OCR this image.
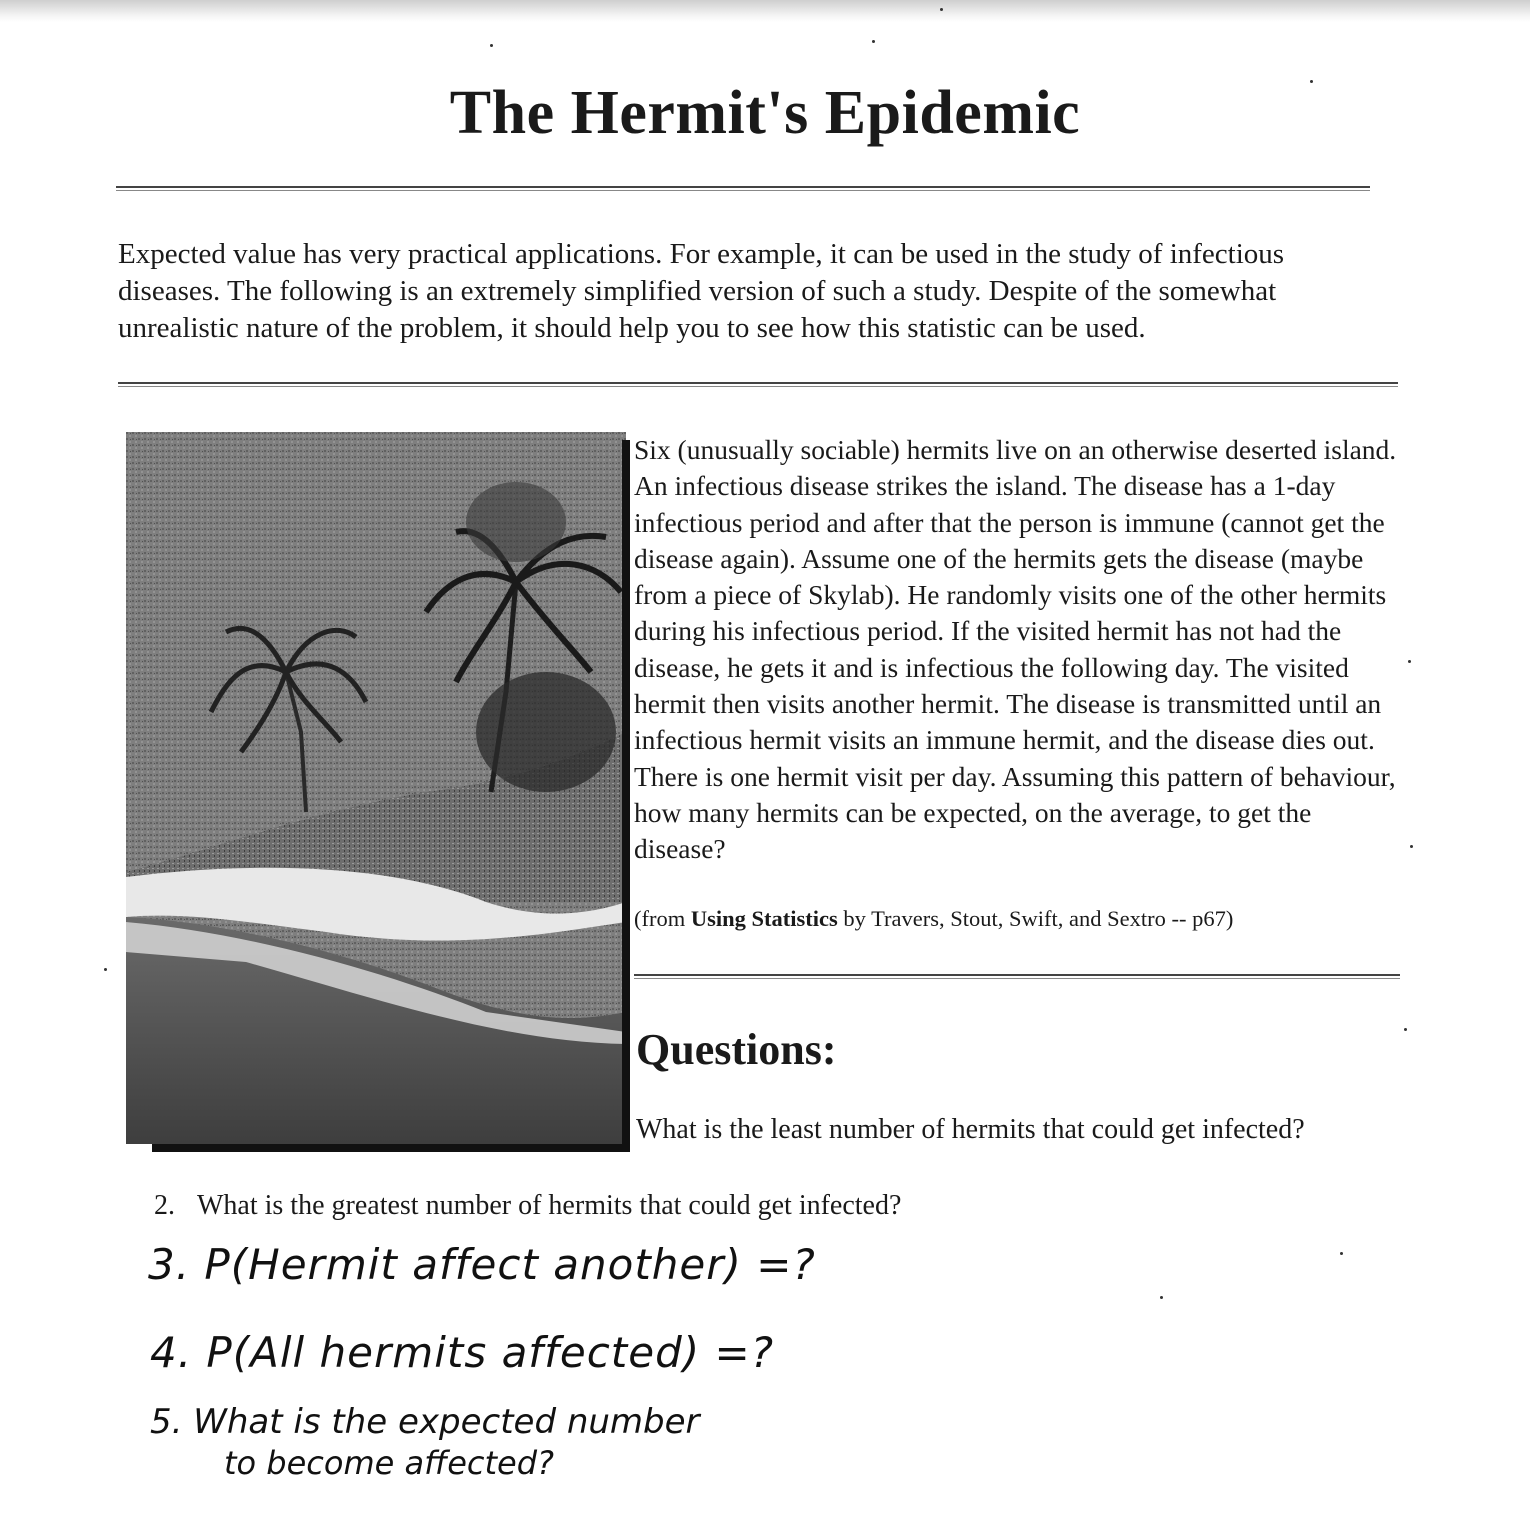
The Hermit's Epidemic

Expected value has very practical applications. For example, it can be used in the study of infectious diseases. The following is an extremely simplified version of such a study. Despite of the somewhat unrealistic nature of the problem, it should help you to see how this statistic can be used.

Six (unusually sociable) hermits live on an otherwise deserted island. An infectious disease strikes the island. The disease has a 1-day infectious period and after that the person is immune (cannot get the disease again). Assume one of the hermits gets the disease (maybe from a piece of Skylab). He randomly visits one of the other hermits during his infectious period. If the visited hermit has not had the disease, he gets it and is infectious the following day. The visited hermit then visits another hermit. The disease is transmitted until an infectious hermit visits an immune hermit, and the disease dies out. There is one hermit visit per day. Assuming this pattern of behaviour, how many hermits can be expected, on the average, to get the disease?

(from Using Statistics by Travers, Stout, Swift, and Sextro -- p67)

Questions:

What is the least number of hermits that could get infected?

2. What is the greatest number of hermits that could get infected?

3. P(Hermit affect another) =?

4. P(All hermits affected) =?

5. What is the expected number

to become affected?
